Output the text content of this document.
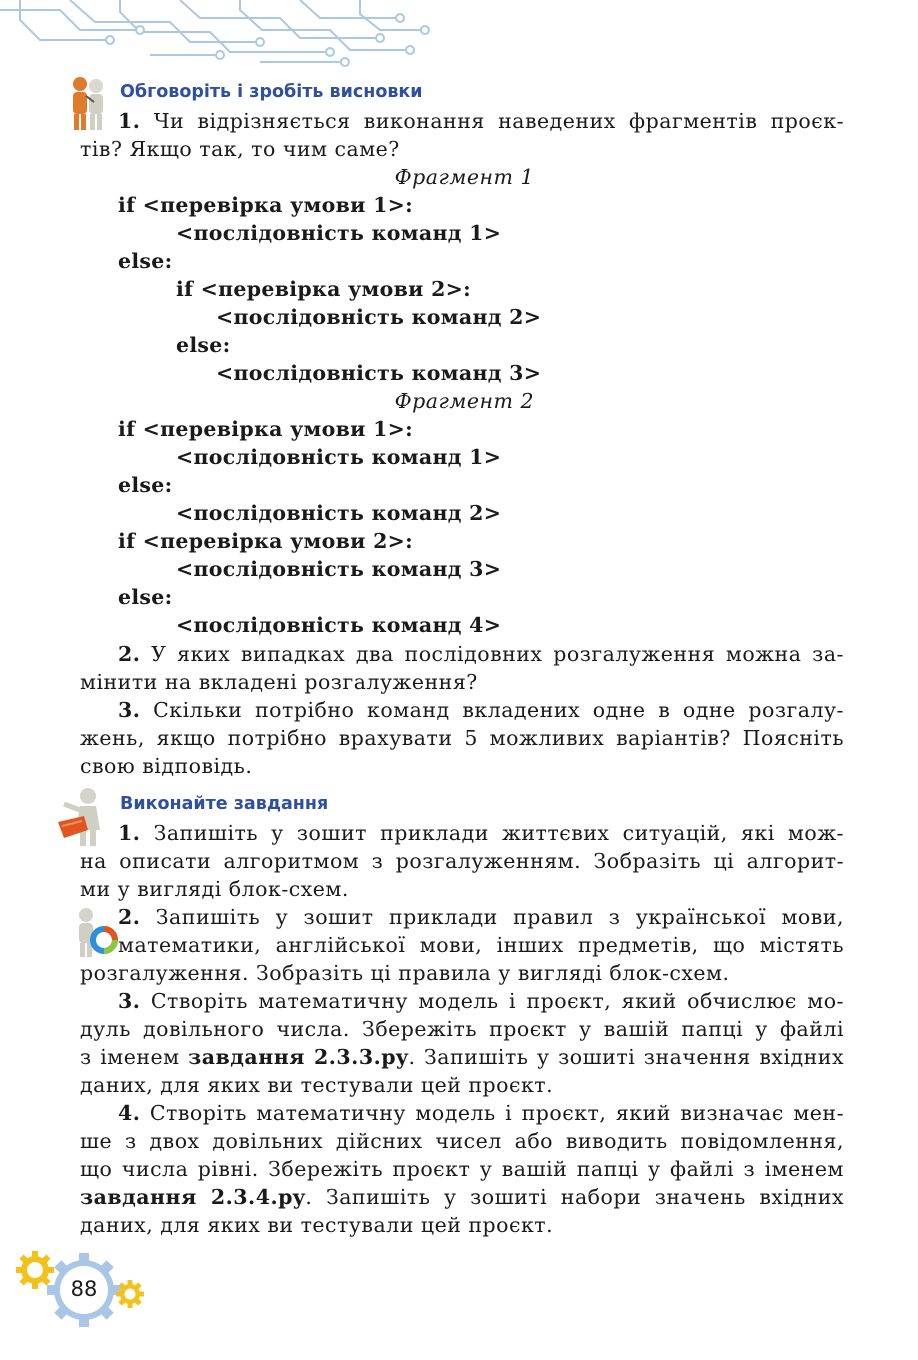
Обговоріть і зробіть висновки
1. Чи відрізняється виконання наведених фрагментів проєк-
тів? Якщо так, то чим саме?
Фрагмент 1
if <перевірка умови 1>:
<послідовність команд 1>
else:
if <перевірка умови 2>:
<послідовність команд 2>
else:
<послідовність команд 3>
Фрагмент 2
if <перевірка умови 1>:
<послідовність команд 1>
else:
<послідовність команд 2>
if <перевірка умови 2>:
<послідовність команд 3>
else:
<послідовність команд 4>
2. У яких випадках два послідовних розгалуження можна за-
мінити на вкладені розгалуження?
3. Скільки потрібно команд вкладених одне в одне розгалу-
жень, якщо потрібно врахувати 5 можливих варіантів? Поясніть
свою відповідь.
Виконайте завдання
1. Запишіть у зошит приклади життєвих ситуацій, які мож-
на описати алгоритмом з розгалуженням. Зобразіть ці алгорит-
ми у вигляді блок-схем.
2. Запишіть у зошит приклади правил з української мови,
математики, англійської мови, інших предметів, що містять
розгалуження. Зобразіть ці правила у вигляді блок-схем.
3. Створіть математичну модель і проєкт, який обчислює мо-
дуль довільного числа. Збережіть проєкт у вашій папці у файлі
з іменем завдання 2.3.3.py. Запишіть у зошиті значення вхідних
даних, для яких ви тестували цей проєкт.
4. Створіть математичну модель і проєкт, який визначає мен-
ше з двох довільних дійсних чисел або виводить повідомлення,
що числа рівні. Збережіть проєкт у вашій папці у файлі з іменем
завдання 2.3.4.py. Запишіть у зошиті набори значень вхідних
даних, для яких ви тестували цей проєкт.
88
